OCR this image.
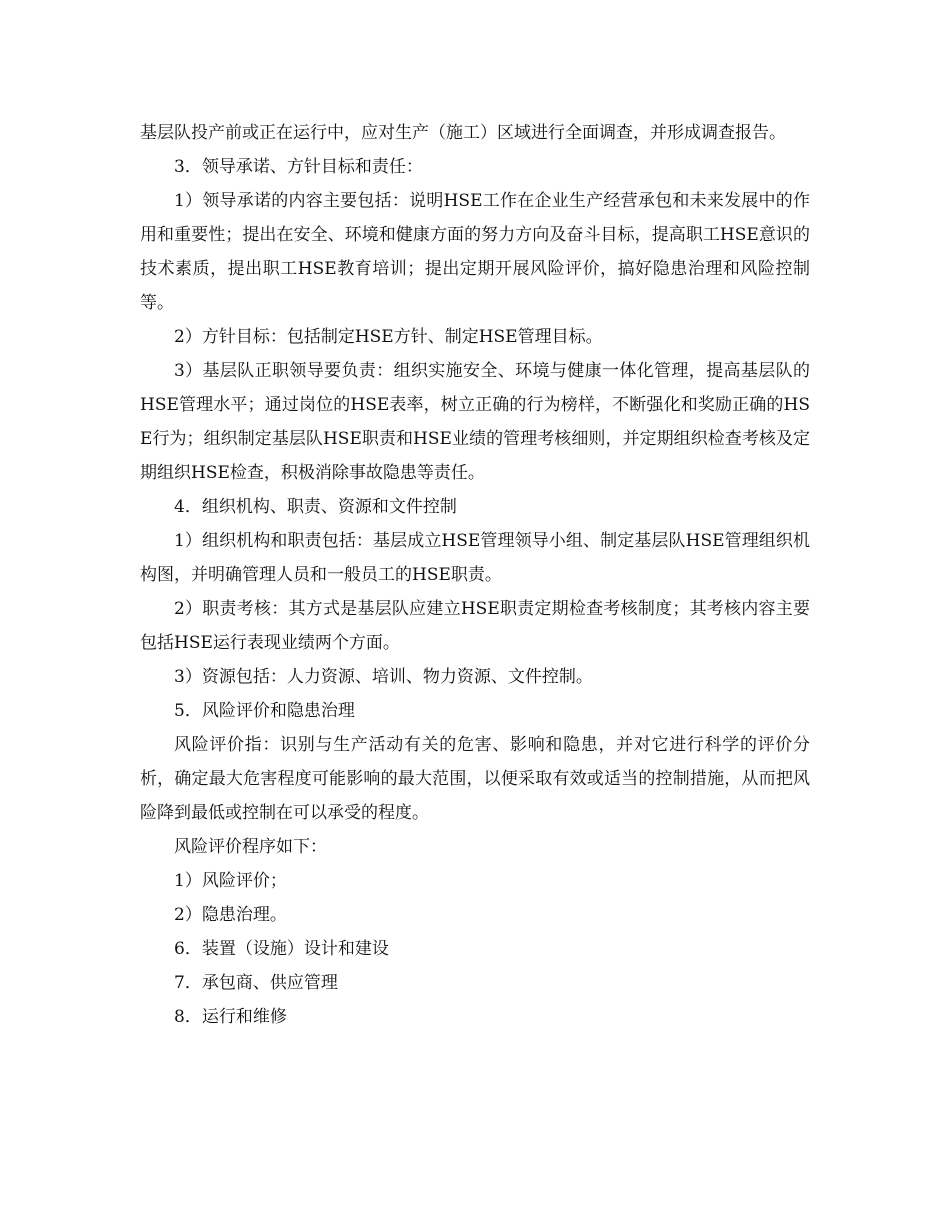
基层队投产前或正在运行中，应对生产（施工）区域进行全面调查，并形成调查报告。

3．领导承诺、方针目标和责任：

1）领导承诺的内容主要包括：说明HSE工作在企业生产经营承包和未来发展中的作用和重要性；提出在安全、环境和健康方面的努力方向及奋斗目标，提高职工HSE意识的技术素质，提出职工HSE教育培训；提出定期开展风险评价，搞好隐患治理和风险控制等。

2）方针目标：包括制定HSE方针、制定HSE管理目标。

3）基层队正职领导要负责：组织实施安全、环境与健康一体化管理，提高基层队的HSE管理水平；通过岗位的HSE表率，树立正确的行为榜样，不断强化和奖励正确的HSE行为；组织制定基层队HSE职责和HSE业绩的管理考核细则，并定期组织检查考核及定期组织HSE检查，积极消除事故隐患等责任。

4．组织机构、职责、资源和文件控制

1）组织机构和职责包括：基层成立HSE管理领导小组、制定基层队HSE管理组织机构图，并明确管理人员和一般员工的HSE职责。

2）职责考核：其方式是基层队应建立HSE职责定期检查考核制度；其考核内容主要包括HSE运行表现业绩两个方面。

3）资源包括：人力资源、培训、物力资源、文件控制。

5．风险评价和隐患治理

风险评价指：识别与生产活动有关的危害、影响和隐患，并对它进行科学的评价分析，确定最大危害程度可能影响的最大范围，以便采取有效或适当的控制措施，从而把风险降到最低或控制在可以承受的程度。

风险评价程序如下：

1）风险评价；

2）隐患治理。

6．装置（设施）设计和建设

7．承包商、供应管理

8．运行和维修
